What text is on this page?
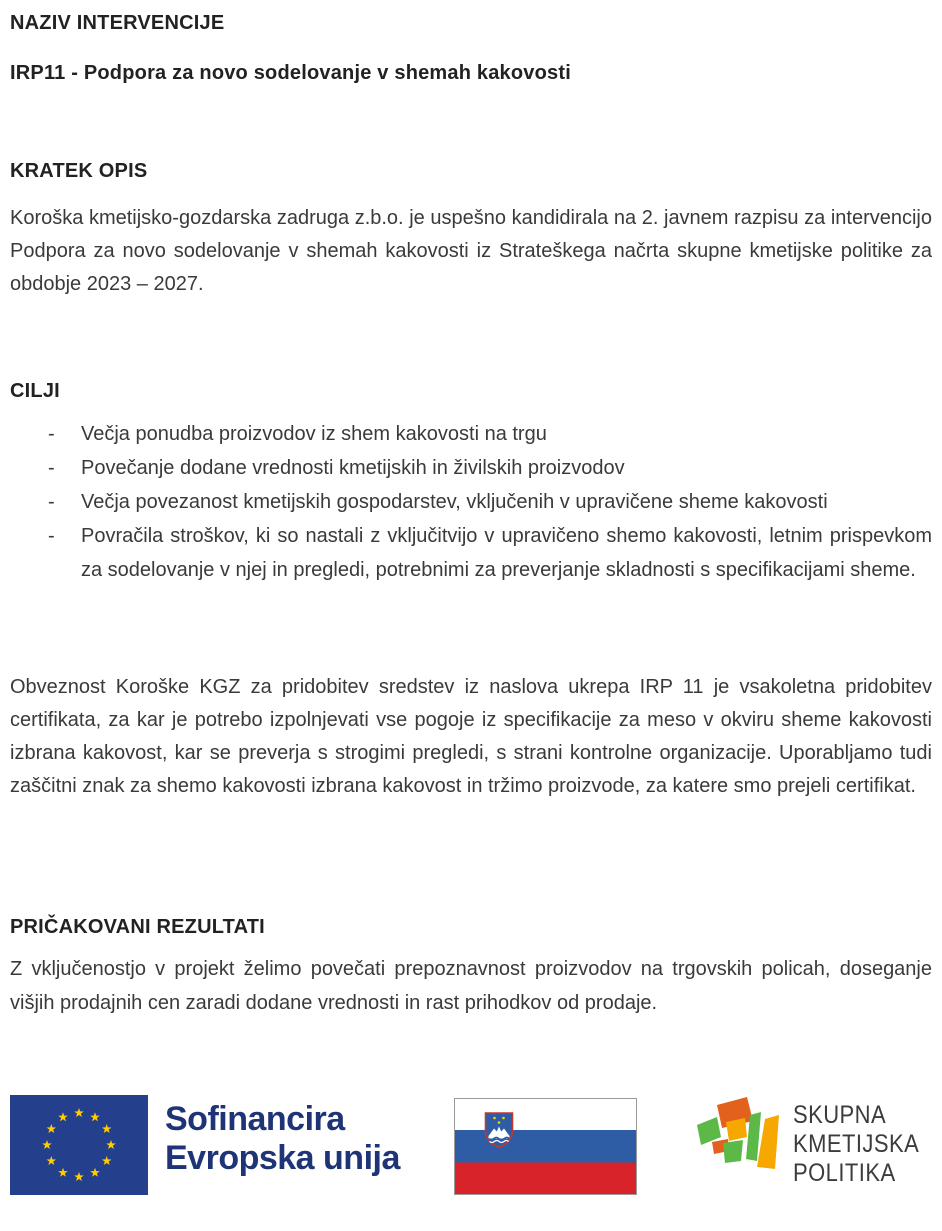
NAZIV INTERVENCIJE
IRP11 - Podpora za novo sodelovanje v shemah kakovosti
KRATEK OPIS

Koroška kmetijsko-gozdarska zadruga z.b.o. je uspešno kandidirala na 2. javnem razpisu za intervencijo Podpora za novo sodelovanje v shemah kakovosti iz Strateškega načrta skupne kmetijske politike za obdobje 2023 – 2027.

CILJI
- Večja ponudba proizvodov iz shem kakovosti na trgu
- Povečanje dodane vrednosti kmetijskih in živilskih proizvodov
- Večja povezanost kmetijskih gospodarstev, vključenih v upravičene sheme kakovosti
- Povračila stroškov, ki so nastali z vključitvijo v upravičeno shemo kakovosti, letnim prispevkom za sodelovanje v njej in pregledi, potrebnimi za preverjanje skladnosti s specifikacijami sheme.

Obveznost Koroške KGZ za pridobitev sredstev iz naslova ukrepa IRP 11 je vsakoletna pridobitev certifikata, za kar je potrebo izpolnjevati vse pogoje iz specifikacije za meso v okviru sheme kakovosti izbrana kakovost, kar se preverja s strogimi pregledi, s strani kontrolne organizacije. Uporabljamo tudi zaščitni znak za shemo kakovosti izbrana kakovost in tržimo proizvode, za katere smo prejeli certifikat.

PRIČAKOVANI REZULTATI

Z vključenostjo v projekt želimo povečati prepoznavnost proizvodov na trgovskih policah, doseganje višjih prodajnih cen zaradi dodane vrednosti in rast prihodkov od prodaje.

Sofinancira
Evropska unija
SKUPNA
KMETIJSKA
POLITIKA
